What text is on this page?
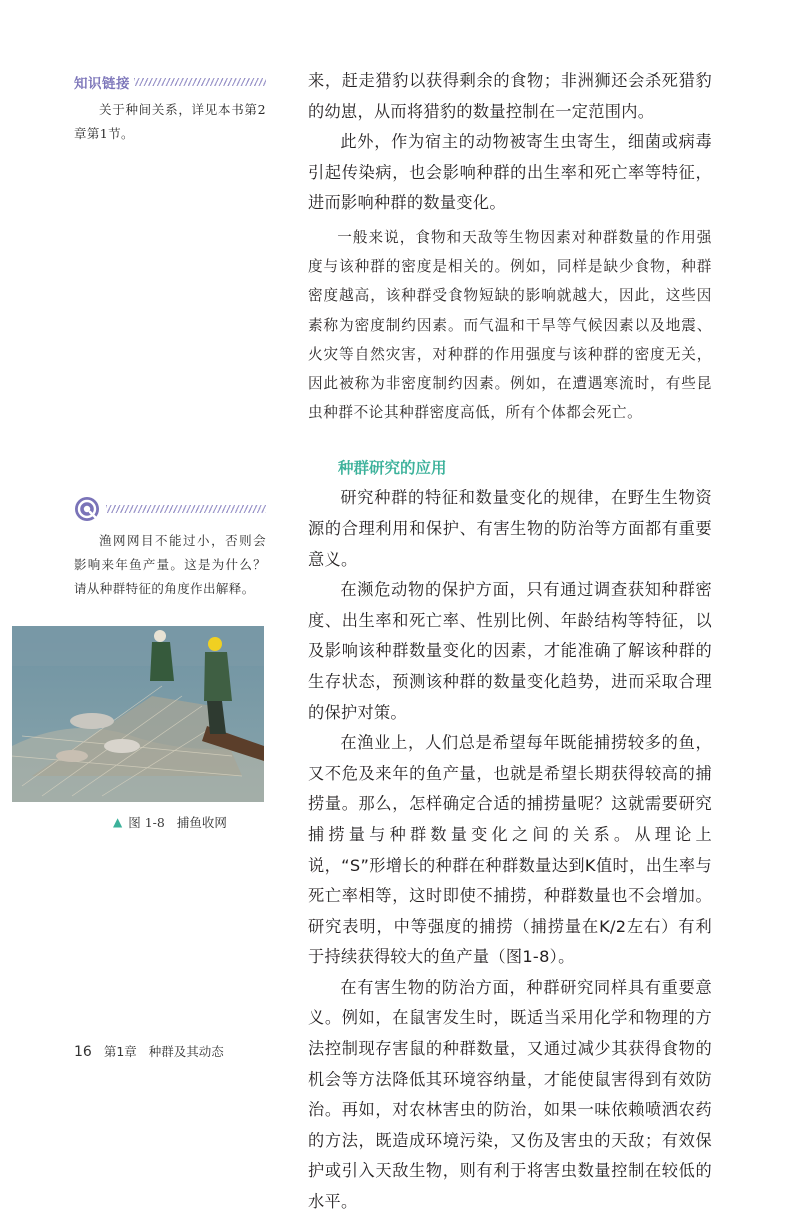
知识链接

关于种间关系，详见本书第2章第1节。

渔网网目不能过小，否则会影响来年鱼产量。这是为什么？请从种群特征的角度作出解释。

▲ 图 1-8 捕鱼收网

来，赶走猎豹以获得剩余的食物；非洲狮还会杀死猎豹的幼崽，从而将猎豹的数量控制在一定范围内。

此外，作为宿主的动物被寄生虫寄生，细菌或病毒引起传染病，也会影响种群的出生率和死亡率等特征，进而影响种群的数量变化。

一般来说，食物和天敌等生物因素对种群数量的作用强度与该种群的密度是相关的。例如，同样是缺少食物，种群密度越高，该种群受食物短缺的影响就越大，因此，这些因素称为密度制约因素。而气温和干旱等气候因素以及地震、火灾等自然灾害，对种群的作用强度与该种群的密度无关，因此被称为非密度制约因素。例如，在遭遇寒流时，有些昆虫种群不论其种群密度高低，所有个体都会死亡。

种群研究的应用

研究种群的特征和数量变化的规律，在野生生物资源的合理利用和保护、有害生物的防治等方面都有重要意义。

在濒危动物的保护方面，只有通过调查获知种群密度、出生率和死亡率、性别比例、年龄结构等特征，以及影响该种群数量变化的因素，才能准确了解该种群的生存状态，预测该种群的数量变化趋势，进而采取合理的保护对策。

在渔业上，人们总是希望每年既能捕捞较多的鱼，又不危及来年的鱼产量，也就是希望长期获得较高的捕捞量。那么，怎样确定合适的捕捞量呢？这就需要研究捕捞量与种群数量变化之间的关系。从理论上说，“S”形增长的种群在种群数量达到K值时，出生率与死亡率相等，这时即使不捕捞，种群数量也不会增加。研究表明，中等强度的捕捞（捕捞量在K/2左右）有利于持续获得较大的鱼产量（图1-8）。

在有害生物的防治方面，种群研究同样具有重要意义。例如，在鼠害发生时，既适当采用化学和物理的方法控制现存害鼠的种群数量，又通过减少其获得食物的机会等方法降低其环境容纳量，才能使鼠害得到有效防治。再如，对农林害虫的防治，如果一味依赖喷洒农药的方法，既造成环境污染，又伤及害虫的天敌；有效保护或引入天敌生物，则有利于将害虫数量控制在较低的水平。

16 第1章 种群及其动态
